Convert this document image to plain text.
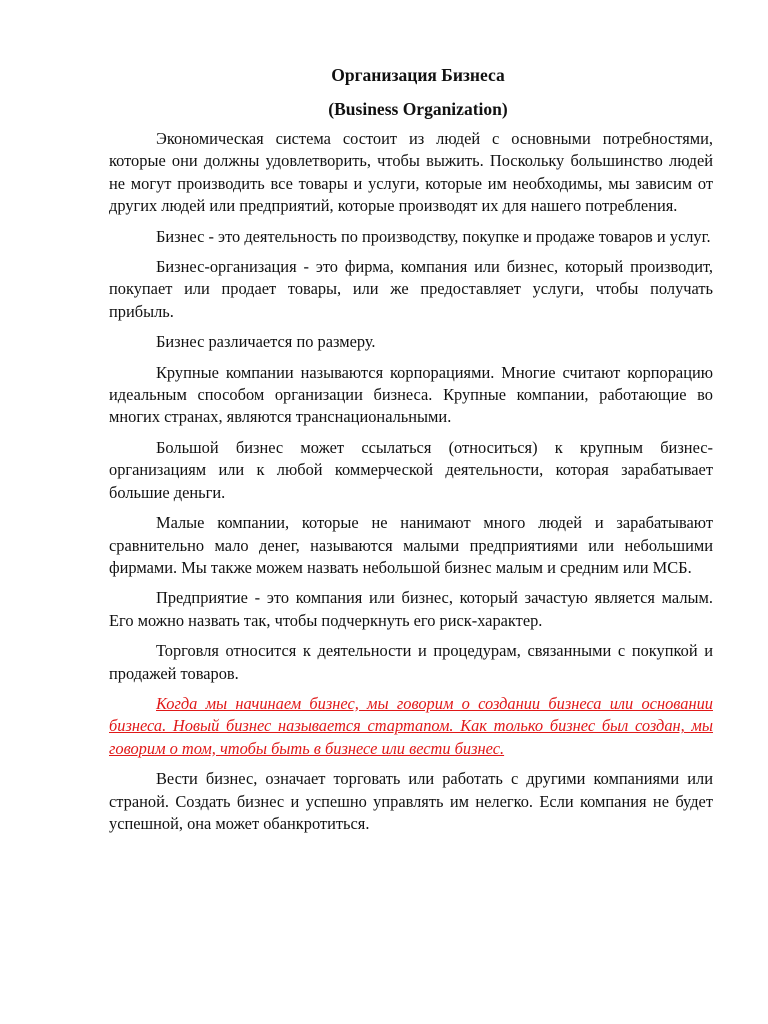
Организация Бизнеса

(Business Organization)

Экономическая система состоит из людей с основными потребностями, которые они должны удовлетворить, чтобы выжить. Поскольку большинство людей не могут производить все товары и услуги, которые им необходимы, мы зависим от других людей или предприятий, которые производят их для нашего потребления.

Бизнес - это деятельность по производству, покупке и продаже товаров и услуг.

Бизнес-организация - это фирма, компания или бизнес, который производит, покупает или продает товары, или же предоставляет услуги, чтобы получать прибыль.

Бизнес различается по размеру.

Крупные компании называются корпорациями. Многие считают корпорацию идеальным способом организации бизнеса. Крупные компании, работающие во многих странах, являются транснациональными.

Большой бизнес может ссылаться (относиться) к крупным бизнес-организациям или к любой коммерческой деятельности, которая зарабатывает большие деньги.

Малые компании, которые не нанимают много людей и зарабатывают сравнительно мало денег, называются малыми предприятиями или небольшими фирмами. Мы также можем назвать небольшой бизнес малым и средним или МСБ.

Предприятие - это компания или бизнес, который зачастую является малым. Его можно назвать так, чтобы подчеркнуть его риск-характер.

Торговля относится к деятельности и процедурам, связанными с покупкой и продажей товаров.

Когда мы начинаем бизнес, мы говорим о создании бизнеса или основании бизнеса. Новый бизнес называется стартапом. Как только бизнес был создан, мы говорим о том, чтобы быть в бизнесе или вести бизнес.

Вести бизнес, означает торговать или работать с другими компаниями или страной. Создать бизнес и успешно управлять им нелегко. Если компания не будет успешной, она может обанкротиться.
